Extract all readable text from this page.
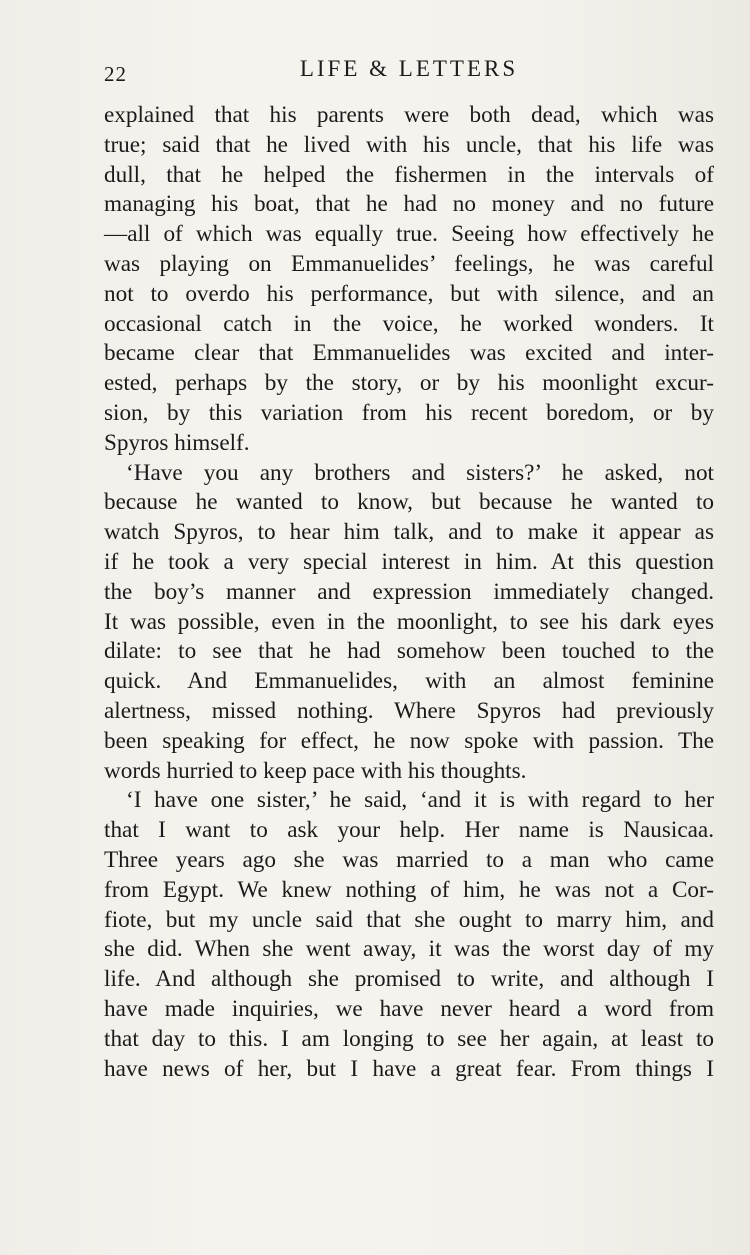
22	LIFE & LETTERS
explained that his parents were both dead, which was
true; said that he lived with his uncle, that his life was
dull, that he helped the fishermen in the intervals of
managing his boat, that he had no money and no future
—all of which was equally true. Seeing how effectively he
was playing on Emmanuelides’ feelings, he was careful
not to overdo his performance, but with silence, and an
occasional catch in the voice, he worked wonders. It
became clear that Emmanuelides was excited and inter-
ested, perhaps by the story, or by his moonlight excur-
sion, by this variation from his recent boredom, or by
Spyros himself.
‘Have you any brothers and sisters?’ he asked, not
because he wanted to know, but because he wanted to
watch Spyros, to hear him talk, and to make it appear as
if he took a very special interest in him. At this question
the boy’s manner and expression immediately changed.
It was possible, even in the moonlight, to see his dark eyes
dilate: to see that he had somehow been touched to the
quick. And Emmanuelides, with an almost feminine
alertness, missed nothing. Where Spyros had previously
been speaking for effect, he now spoke with passion. The
words hurried to keep pace with his thoughts.
‘I have one sister,’ he said, ‘and it is with regard to her
that I want to ask your help. Her name is Nausicaa.
Three years ago she was married to a man who came
from Egypt. We knew nothing of him, he was not a Cor-
fiote, but my uncle said that she ought to marry him, and
she did. When she went away, it was the worst day of my
life. And although she promised to write, and although I
have made inquiries, we have never heard a word from
that day to this. I am longing to see her again, at least to
have news of her, but I have a great fear. From things I
